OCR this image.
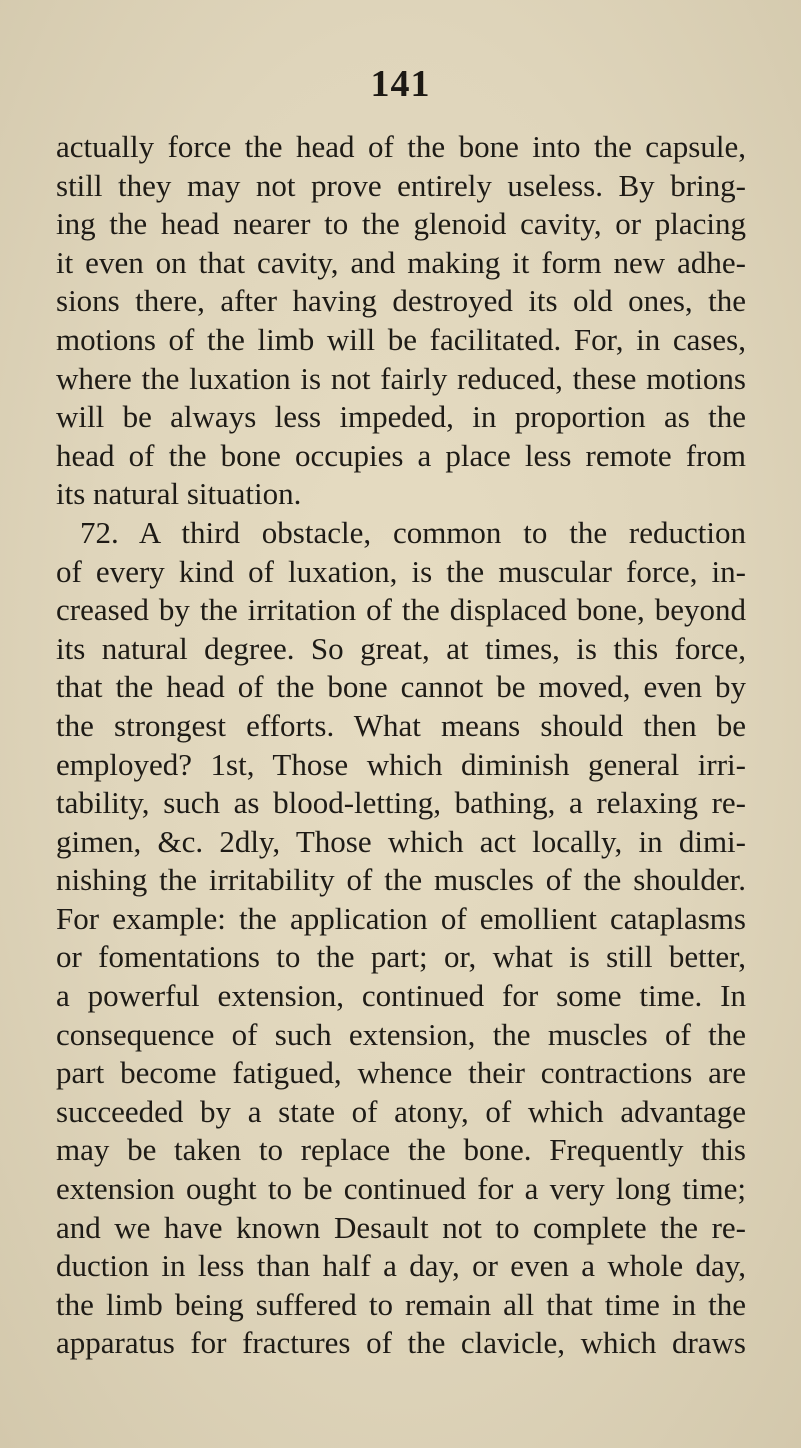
141
actually force the head of the bone into the capsule,
still they may not prove entirely useless. By bring-
ing the head nearer to the glenoid cavity, or placing
it even on that cavity, and making it form new adhe-
sions there, after having destroyed its old ones, the
motions of the limb will be facilitated. For, in cases,
where the luxation is not fairly reduced, these motions
will be always less impeded, in proportion as the
head of the bone occupies a place less remote from
its natural situation.
72. A third obstacle, common to the reduction
of every kind of luxation, is the muscular force, in-
creased by the irritation of the displaced bone, beyond
its natural degree. So great, at times, is this force,
that the head of the bone cannot be moved, even by
the strongest efforts. What means should then be
employed? 1st, Those which diminish general irri-
tability, such as blood-letting, bathing, a relaxing re-
gimen, &c. 2dly, Those which act locally, in dimi-
nishing the irritability of the muscles of the shoulder.
For example: the application of emollient cataplasms
or fomentations to the part; or, what is still better,
a powerful extension, continued for some time. In
consequence of such extension, the muscles of the
part become fatigued, whence their contractions are
succeeded by a state of atony, of which advantage
may be taken to replace the bone. Frequently this
extension ought to be continued for a very long time;
and we have known Desault not to complete the re-
duction in less than half a day, or even a whole day,
the limb being suffered to remain all that time in the
apparatus for fractures of the clavicle, which draws
